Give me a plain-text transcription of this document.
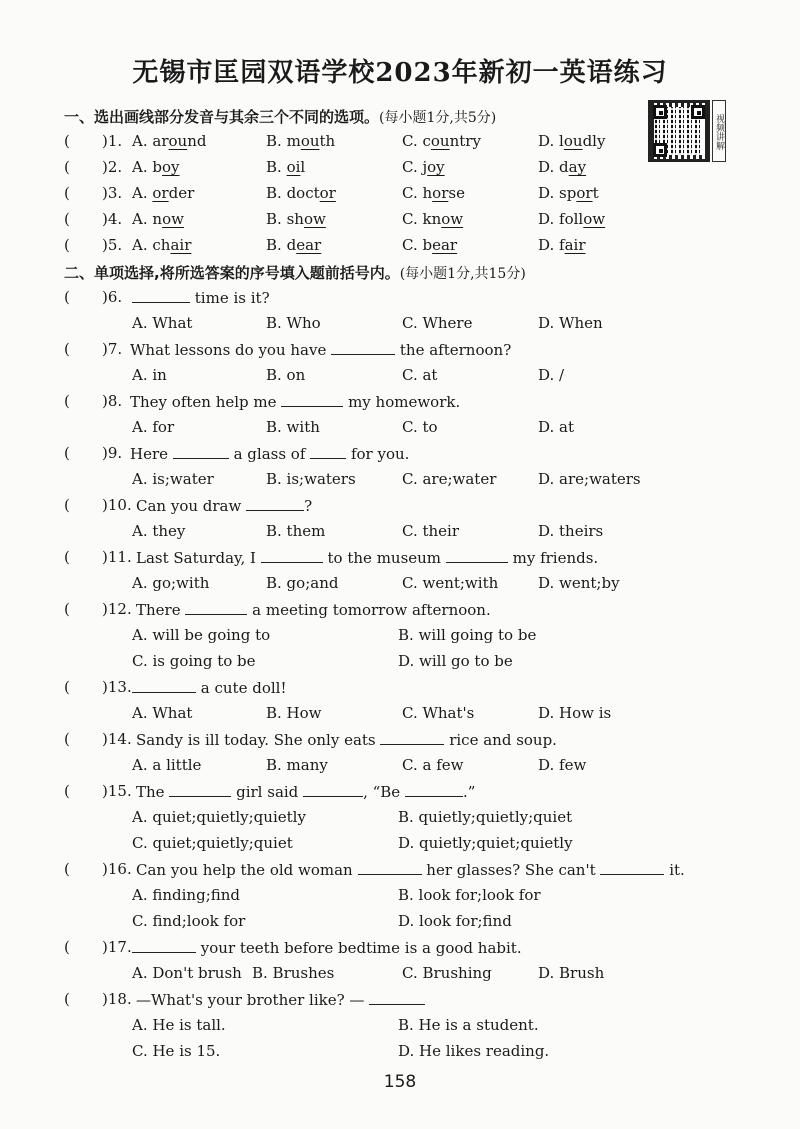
无锡市匡园双语学校2023年新初一英语练习
视频讲解
一、选出画线部分发音与其余三个不同的选项。(每小题1分,共5分)
( )1. A. around	B. mouth	C. country	D. loudly
( )2. A. boy	B. oil	C. joy	D. day
( )3. A. order	B. doctor	C. horse	D. sport
( )4. A. now	B. show	C. know	D. follow
( )5. A. chair	B. dear	C. bear	D. fair
二、单项选择,将所选答案的序号填入题前括号内。(每小题1分,共15分)
( )6.	time is it?
A. What	B. Who	C. Where	D. When
( )7. What lessons do you have	the afternoon?
A. in	B. on	C. at	D. /
( )8. They often help me	my homework.
A. for	B. with	C. to	D. at
( )9. Here	a glass of	for you.
A. is;water	B. is;waters	C. are;water	D. are;waters
( )10. Can you draw	?
A. they	B. them	C. their	D. theirs
( )11. Last Saturday, I	to the museum	my friends.
A. go;with	B. go;and	C. went;with	D. went;by
( )12. There	a meeting tomorrow afternoon.
A. will be going to	B. will going to be
C. is going to be	D. will go to be
( )13.	a cute doll!
A. What	B. How	C. What's	D. How is
( )14. Sandy is ill today. She only eats	rice and soup.
A. a little	B. many	C. a few	D. few
( )15. The	girl said	, “Be	.”
A. quiet;quietly;quietly	B. quietly;quietly;quiet
C. quiet;quietly;quiet	D. quietly;quiet;quietly
( )16. Can you help the old woman	her glasses? She can't	it.
A. finding;find	B. look for;look for
C. find;look for	D. look for;find
( )17.	your teeth before bedtime is a good habit.
A. Don't brush B. Brushes	C. Brushing	D. Brush
( )18. —What's your brother like? —
A. He is tall.	B. He is a student.
C. He is 15.	D. He likes reading.
158
